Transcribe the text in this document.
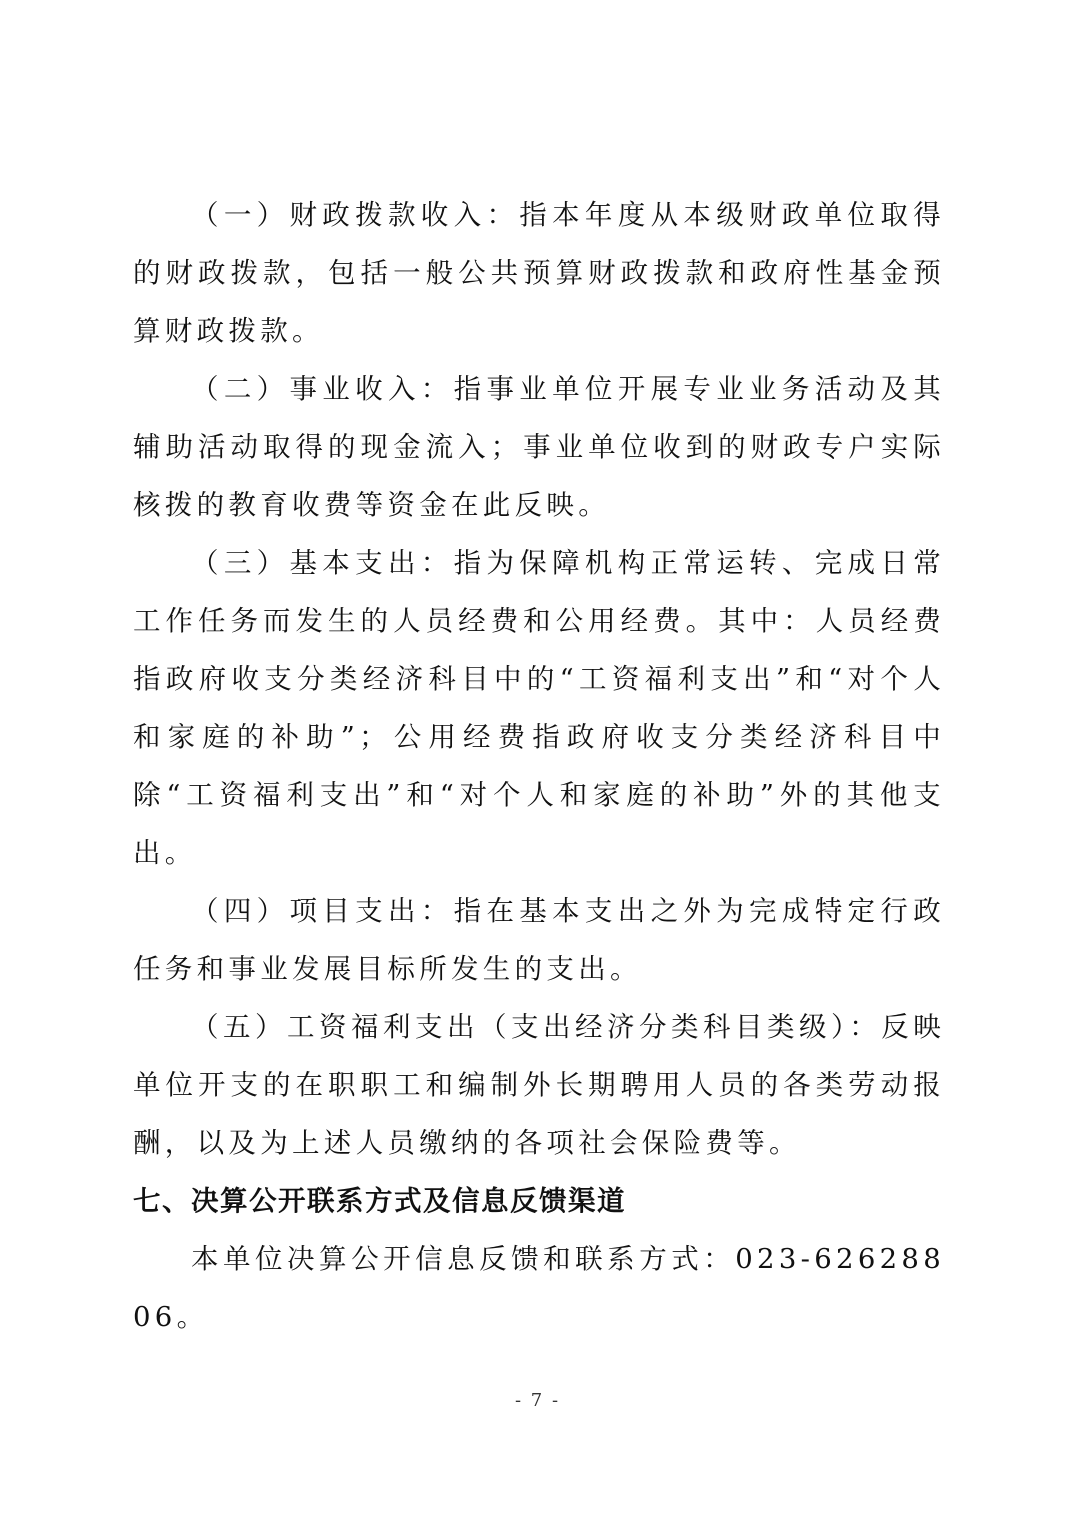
（一）财政拨款收入：指本年度从本级财政单位取得的财政拨款，包括一般公共预算财政拨款和政府性基金预算财政拨款。

（二）事业收入：指事业单位开展专业业务活动及其辅助活动取得的现金流入；事业单位收到的财政专户实际核拨的教育收费等资金在此反映。

（三）基本支出：指为保障机构正常运转、完成日常工作任务而发生的人员经费和公用经费。其中：人员经费指政府收支分类经济科目中的“工资福利支出”和“对个人和家庭的补助”；公用经费指政府收支分类经济科目中除“工资福利支出”和“对个人和家庭的补助”外的其他支出。

（四）项目支出：指在基本支出之外为完成特定行政任务和事业发展目标所发生的支出。

（五）工资福利支出（支出经济分类科目类级）：反映单位开支的在职职工和编制外长期聘用人员的各类劳动报酬，以及为上述人员缴纳的各项社会保险费等。

七、决算公开联系方式及信息反馈渠道

本单位决算公开信息反馈和联系方式：023-62628806。

- 7 -
